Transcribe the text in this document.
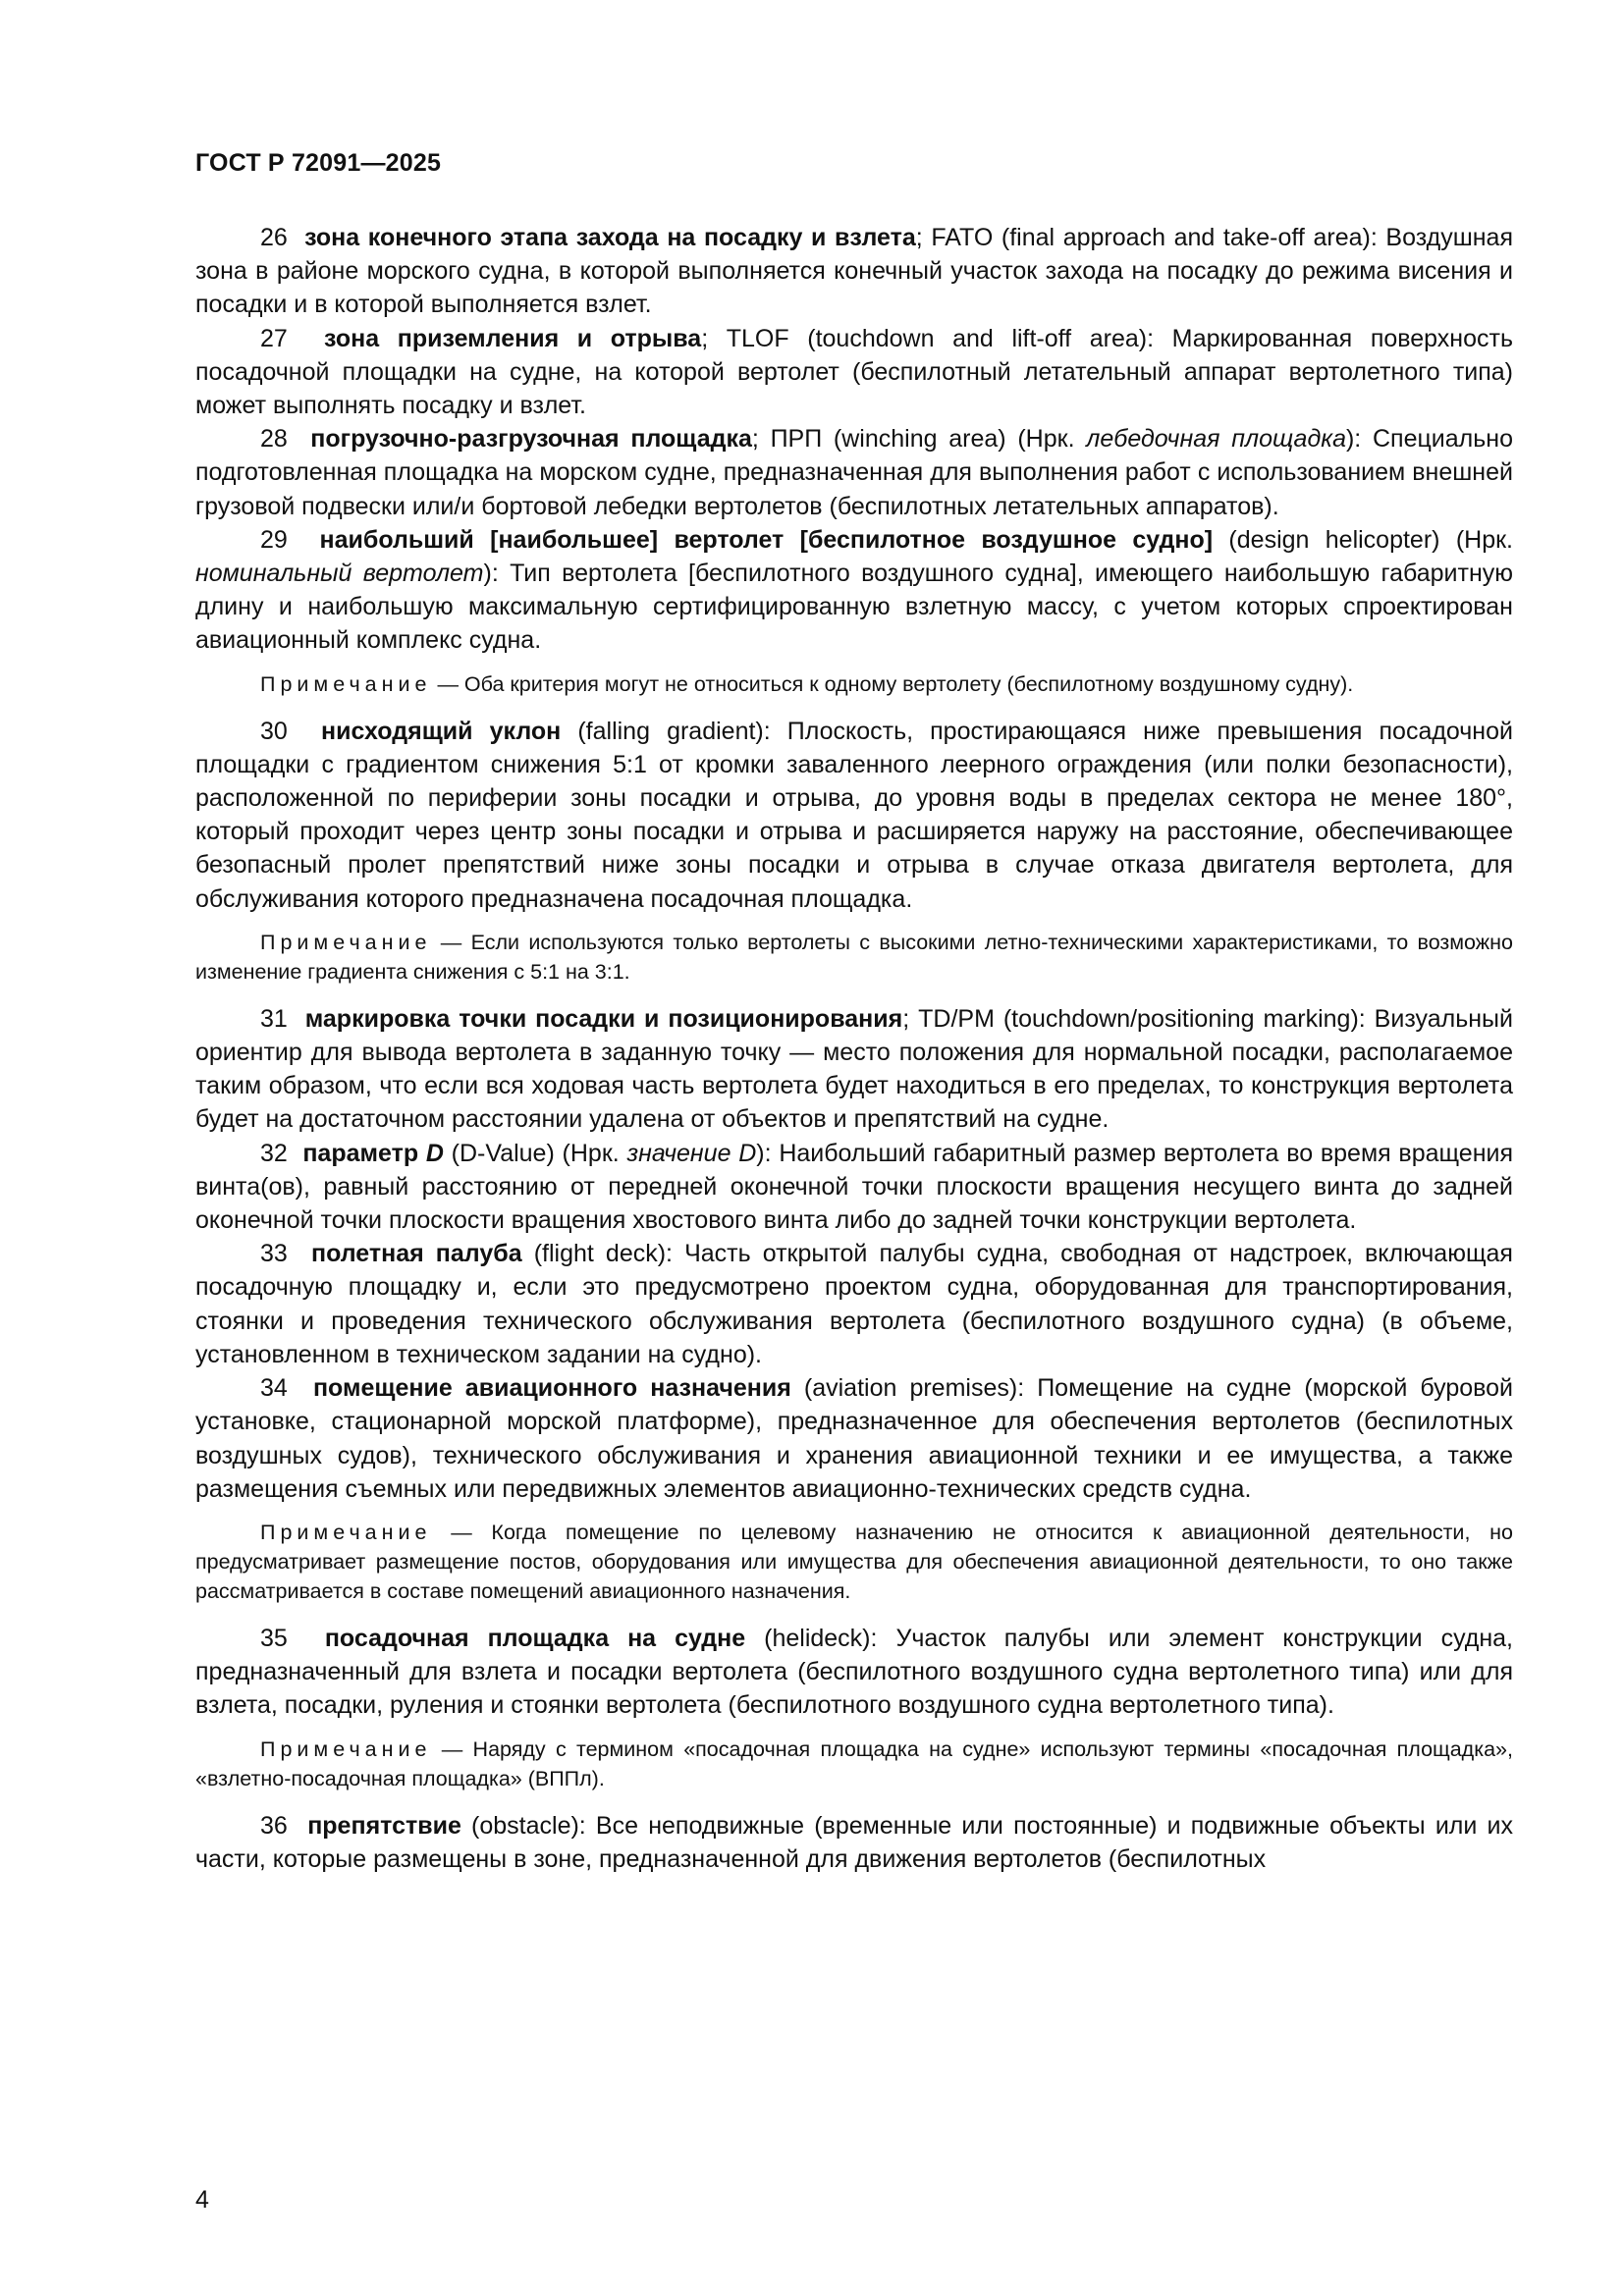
ГОСТ Р 72091—2025

26 зона конечного этапа захода на посадку и взлета; FATO (final approach and take-off area): Воздушная зона в районе морского судна, в которой выполняется конечный участок захода на посадку до режима висения и посадки и в которой выполняется взлет.

27 зона приземления и отрыва; TLOF (touchdown and lift-off area): Маркированная поверхность посадочной площадки на судне, на которой вертолет (беспилотный летательный аппарат вертолетного типа) может выполнять посадку и взлет.

28 погрузочно-разгрузочная площадка; ПРП (winching area) (Нрк. лебедочная площадка): Специально подготовленная площадка на морском судне, предназначенная для выполнения работ с использованием внешней грузовой подвески или/и бортовой лебедки вертолетов (беспилотных летательных аппаратов).

29 наибольший [наибольшее] вертолет [беспилотное воздушное судно] (design helicopter) (Нрк. номинальный вертолет): Тип вертолета [беспилотного воздушного судна], имеющего наибольшую габаритную длину и наибольшую максимальную сертифицированную взлетную массу, с учетом которых спроектирован авиационный комплекс судна.

Примечание — Оба критерия могут не относиться к одному вертолету (беспилотному воздушному судну).

30 нисходящий уклон (falling gradient): Плоскость, простирающаяся ниже превышения посадочной площадки с градиентом снижения 5:1 от кромки заваленного леерного ограждения (или полки безопасности), расположенной по периферии зоны посадки и отрыва, до уровня воды в пределах сектора не менее 180°, который проходит через центр зоны посадки и отрыва и расширяется наружу на расстояние, обеспечивающее безопасный пролет препятствий ниже зоны посадки и отрыва в случае отказа двигателя вертолета, для обслуживания которого предназначена посадочная площадка.

Примечание — Если используются только вертолеты с высокими летно-техническими характеристиками, то возможно изменение градиента снижения с 5:1 на 3:1.

31 маркировка точки посадки и позиционирования; TD/PM (touchdown/positioning marking): Визуальный ориентир для вывода вертолета в заданную точку — место положения для нормальной посадки, располагаемое таким образом, что если вся ходовая часть вертолета будет находиться в его пределах, то конструкция вертолета будет на достаточном расстоянии удалена от объектов и препятствий на судне.

32 параметр D (D-Value) (Нрк. значение D): Наибольший габаритный размер вертолета во время вращения винта(ов), равный расстоянию от передней оконечной точки плоскости вращения несущего винта до задней оконечной точки плоскости вращения хвостового винта либо до задней точки конструкции вертолета.

33 полетная палуба (flight deck): Часть открытой палубы судна, свободная от надстроек, включающая посадочную площадку и, если это предусмотрено проектом судна, оборудованная для транспортирования, стоянки и проведения технического обслуживания вертолета (беспилотного воздушного судна) (в объеме, установленном в техническом задании на судно).

34 помещение авиационного назначения (aviation premises): Помещение на судне (морской буровой установке, стационарной морской платформе), предназначенное для обеспечения вертолетов (беспилотных воздушных судов), технического обслуживания и хранения авиационной техники и ее имущества, а также размещения съемных или передвижных элементов авиационно-технических средств судна.

Примечание — Когда помещение по целевому назначению не относится к авиационной деятельности, но предусматривает размещение постов, оборудования или имущества для обеспечения авиационной деятельности, то оно также рассматривается в составе помещений авиационного назначения.

35 посадочная площадка на судне (helideck): Участок палубы или элемент конструкции судна, предназначенный для взлета и посадки вертолета (беспилотного воздушного судна вертолетного типа) или для взлета, посадки, руления и стоянки вертолета (беспилотного воздушного судна вертолетного типа).

Примечание — Наряду с термином «посадочная площадка на судне» используют термины «посадочная площадка», «взлетно-посадочная площадка» (ВППл).

36 препятствие (obstacle): Все неподвижные (временные или постоянные) и подвижные объекты или их части, которые размещены в зоне, предназначенной для движения вертолетов (беспилотных

4
